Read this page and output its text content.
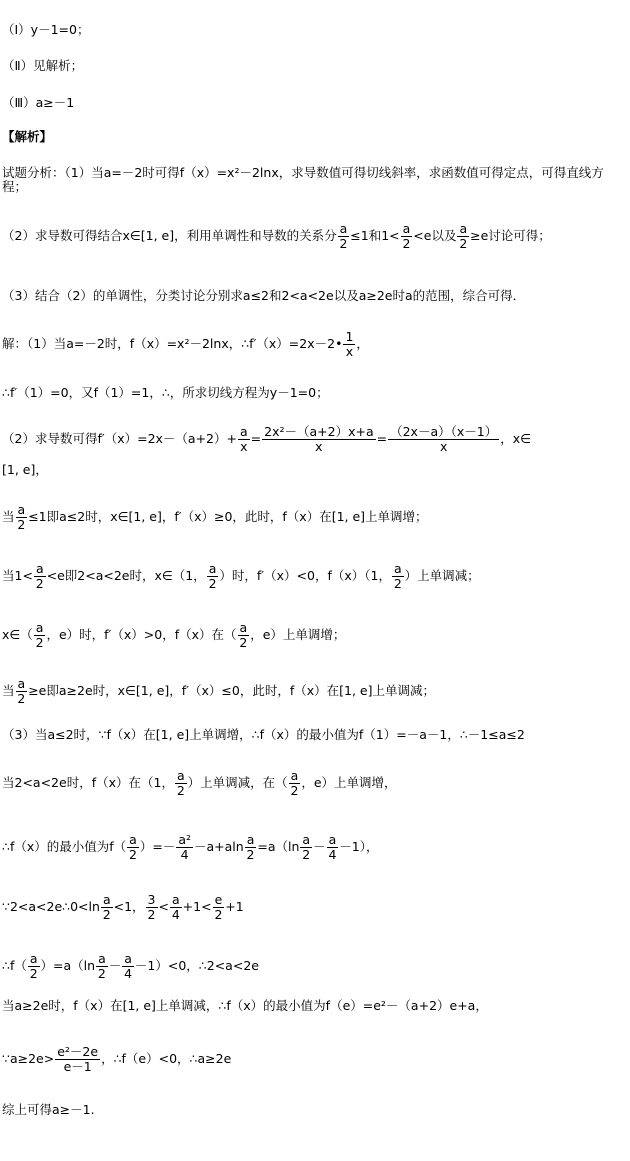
（Ⅰ）y－1=0；
（Ⅱ）见解析；
（Ⅲ）a≥－1
【解析】
试题分析：（1）当a=－2时可得f（x）=x²－2lnx，求导数值可得切线斜率，求函数值可得定点，可得直线方程；
（2）求导数可得结合x∈[1, e]，利用单调性和导数的关系分 $\frac{a}{2} \le 1$和$1< \frac{a}{2} <e$以及 $\frac{a}{2} \ge e$讨论可得；
（3）结合（2）的单调性，分类讨论分别求a≤2和2<a<2e以及a≥2e时a的范围，综合可得．
解：（1）当a=－2时，f（x）=x²－2lnx，∴f′（x）=2x－2• $\frac{1}{x}$ ，
∴f′（1）=0，又f（1）=1，∴，所求切线方程为y－1=0；
（2）求导数可得$f'(x)=2x-(a+2)+ \frac{a}{x} = \frac{\text{2x²－（a+2）x+a}}{x} = \frac{(2x-a)(x-1)}{x}$ ，x∈
[1, e]，
当 $\frac{a}{2} \le 1$即a≤2时，x∈[1, e]，f′（x）≥0，此时，f（x）在[1, e]上单调增；
当$1< \frac{a}{2} <e$即2<a<2e时，x∈（1， $\frac{a}{2}$ ）时，f′（x）<0，f（x）（1， $\frac{a}{2}$ ）上单调减；
x∈（ $\frac{a}{2}$ ，e）时，f′（x）>0，f（x）在（ $\frac{a}{2}$ ，e）上单调增；
当 $\frac{a}{2} \ge e$即a≥2e时，x∈[1, e]，f′（x）≤0，此时，f（x）在[1, e]上单调减；
（3）当a≤2时，∵f（x）在[1, e]上单调增，∴f（x）的最小值为f（1）=－a－1，∴－1≤a≤2
当2<a<2e时，f（x）在（1， $\frac{a}{2}$ ）上单调减，在（ $\frac{a}{2}$ ，e）上单调增，
∴f（x）的最小值为$f( \frac{a}{2}$ ）=－ $\frac{\text{a²}}{4} -a+aln \frac{a}{2} =a(\ln \frac{a}{2} - \frac{a}{4} -1)$，
∵2<a<2e∴0<ln $\frac{a}{2} <1$， $\frac{3}{2} < \frac{a}{4} +1< \frac{e}{2} +1$
∴f（ $\frac{a}{2} )=a(\ln \frac{a}{2} - \frac{a}{4} -1)<0$，∴2<a<2e
当a≥2e时，f（x）在[1, e]上单调减，∴f（x）的最小值为f（e）=e²－（a+2）e+a，
∵a≥2e> $\frac{\text{e²－2e}}{e-1}$ ，∴f（e）<0，∴a≥2e
综上可得a≥－1.
